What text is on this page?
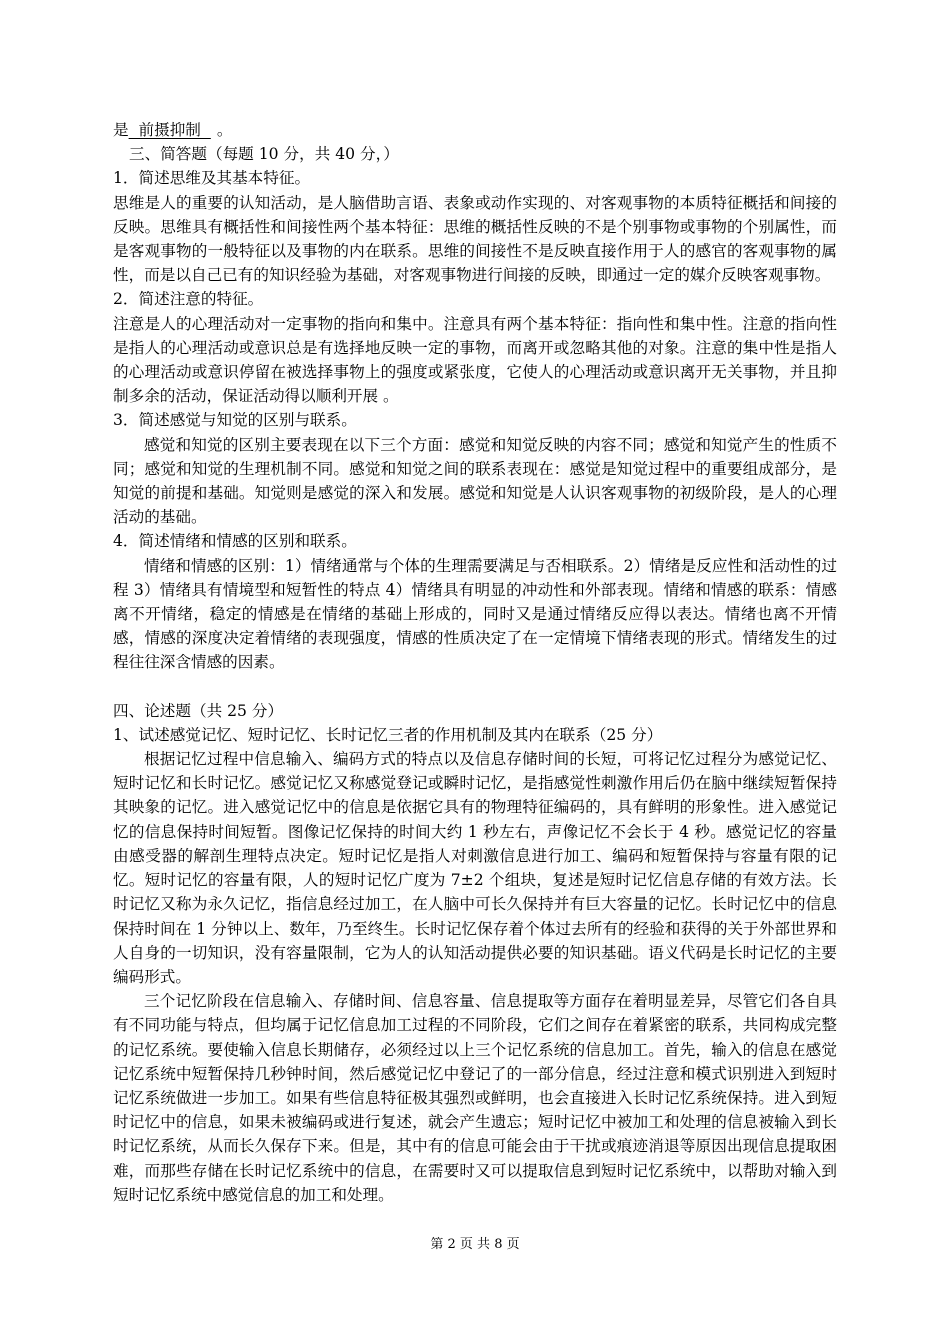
是  前摄抑制  。
三、简答题（每题 10 分，共 40 分，）
1．简述思维及其基本特征。
思维是人的重要的认知活动，是人脑借助言语、表象或动作实现的、对客观事物的本质特征概括和间接的反映。思维具有概括性和间接性两个基本特征：思维的概括性反映的不是个别事物或事物的个别属性，而是客观事物的一般特征以及事物的内在联系。思维的间接性不是反映直接作用于人的感官的客观事物的属性，而是以自己已有的知识经验为基础，对客观事物进行间接的反映，即通过一定的媒介反映客观事物。
2．简述注意的特征。
注意是人的心理活动对一定事物的指向和集中。注意具有两个基本特征：指向性和集中性。注意的指向性是指人的心理活动或意识总是有选择地反映一定的事物，而离开或忽略其他的对象。注意的集中性是指人的心理活动或意识停留在被选择事物上的强度或紧张度，它使人的心理活动或意识离开无关事物，并且抑制多余的活动，保证活动得以顺利开展 。
3．简述感觉与知觉的区别与联系。
感觉和知觉的区别主要表现在以下三个方面：感觉和知觉反映的内容不同；感觉和知觉产生的性质不同；感觉和知觉的生理机制不同。感觉和知觉之间的联系表现在：感觉是知觉过程中的重要组成部分，是知觉的前提和基础。知觉则是感觉的深入和发展。感觉和知觉是人认识客观事物的初级阶段，是人的心理活动的基础。
4．简述情绪和情感的区别和联系。
情绪和情感的区别：1）情绪通常与个体的生理需要满足与否相联系。2）情绪是反应性和活动性的过程 3）情绪具有情境型和短暂性的特点 4）情绪具有明显的冲动性和外部表现。情绪和情感的联系：情感离不开情绪，稳定的情感是在情绪的基础上形成的，同时又是通过情绪反应得以表达。情绪也离不开情感，情感的深度决定着情绪的表现强度，情感的性质决定了在一定情境下情绪表现的形式。情绪发生的过程往往深含情感的因素。
四、论述题（共 25 分）
1、试述感觉记忆、短时记忆、长时记忆三者的作用机制及其内在联系（25 分）
根据记忆过程中信息输入、编码方式的特点以及信息存储时间的长短，可将记忆过程分为感觉记忆、短时记忆和长时记忆。感觉记忆又称感觉登记或瞬时记忆，是指感觉性刺激作用后仍在脑中继续短暂保持其映象的记忆。进入感觉记忆中的信息是依据它具有的物理特征编码的，具有鲜明的形象性。进入感觉记忆的信息保持时间短暂。图像记忆保持的时间大约 1 秒左右，声像记忆不会长于 4 秒。感觉记忆的容量由感受器的解剖生理特点决定。短时记忆是指人对刺激信息进行加工、编码和短暂保持与容量有限的记忆。短时记忆的容量有限，人的短时记忆广度为 7±2 个组块，复述是短时记忆信息存储的有效方法。长时记忆又称为永久记忆，指信息经过加工，在人脑中可长久保持并有巨大容量的记忆。长时记忆中的信息保持时间在 1 分钟以上、数年，乃至终生。长时记忆保存着个体过去所有的经验和获得的关于外部世界和人自身的一切知识，没有容量限制，它为人的认知活动提供必要的知识基础。语义代码是长时记忆的主要编码形式。
三个记忆阶段在信息输入、存储时间、信息容量、信息提取等方面存在着明显差异，尽管它们各自具有不同功能与特点，但均属于记忆信息加工过程的不同阶段，它们之间存在着紧密的联系，共同构成完整的记忆系统。要使输入信息长期储存，必须经过以上三个记忆系统的信息加工。首先，输入的信息在感觉记忆系统中短暂保持几秒钟时间，然后感觉记忆中登记了的一部分信息，经过注意和模式识别进入到短时记忆系统做进一步加工。如果有些信息特征极其强烈或鲜明，也会直接进入长时记忆系统保持。进入到短时记忆中的信息，如果未被编码或进行复述，就会产生遗忘；短时记忆中被加工和处理的信息被输入到长时记忆系统，从而长久保存下来。但是，其中有的信息可能会由于干扰或痕迹消退等原因出现信息提取困难，而那些存储在长时记忆系统中的信息，在需要时又可以提取信息到短时记忆系统中，以帮助对输入到短时记忆系统中感觉信息的加工和处理。
第 2 页 共 8 页
